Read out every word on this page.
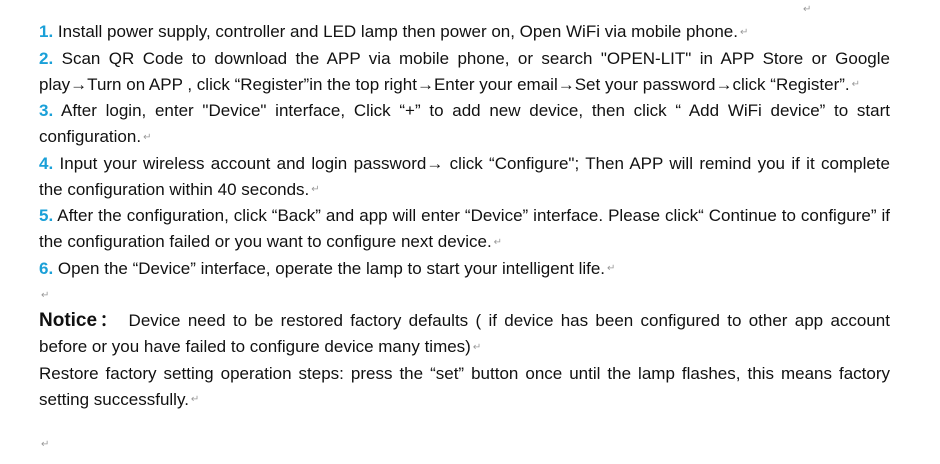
↵

1. Install power supply, controller and LED lamp then power on, Open WiFi via mobile phone. ↵

2. Scan QR Code to download the APP via mobile phone, or search "OPEN-LIT" in APP Store or Google play→Turn on APP , click “Register”in the top right→Enter your email→Set your password→click “Register”. ↵

3. After login, enter "Device" interface, Click “+” to add new device, then click “ Add WiFi device” to start configuration. ↵

4. Input your wireless account and login password→ click “Configure"; Then APP will remind you if it complete the configuration within 40 seconds. ↵

5. After the configuration, click “Back” and app will enter “Device” interface. Please click“ Continue to configure” if the configuration failed or you want to configure next device. ↵

6. Open the “Device” interface, operate the lamp to start your intelligent life. ↵

↵

Notice： Device need to be restored factory defaults ( if device has been configured to other app account before or you have failed to configure device many times) ↵

Restore factory setting operation steps: press the “set” button once until the lamp flashes, this means factory setting successfully. ↵

↵
